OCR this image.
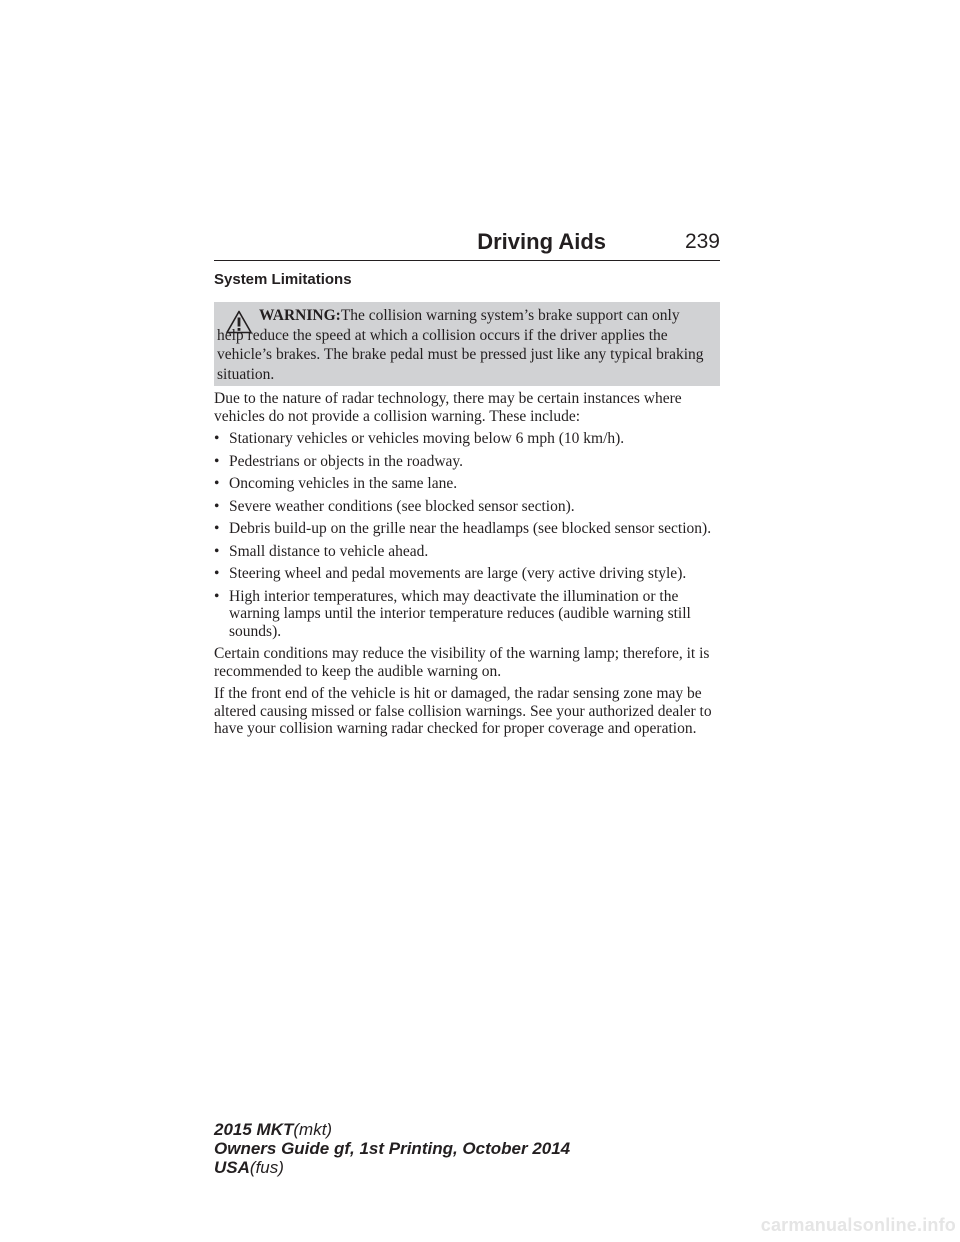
Driving Aids	239
System Limitations

WARNING:The collision warning system’s brake support can only help reduce the speed at which a collision occurs if the driver applies the vehicle’s brakes. The brake pedal must be pressed just like any typical braking situation.

Due to the nature of radar technology, there may be certain instances where vehicles do not provide a collision warning. These include:

• Stationary vehicles or vehicles moving below 6 mph (10 km/h).
• Pedestrians or objects in the roadway.
• Oncoming vehicles in the same lane.
• Severe weather conditions (see blocked sensor section).
• Debris build-up on the grille near the headlamps (see blocked sensor section).
• Small distance to vehicle ahead.
• Steering wheel and pedal movements are large (very active driving style).
• High interior temperatures, which may deactivate the illumination or the warning lamps until the interior temperature reduces (audible warning still sounds).

Certain conditions may reduce the visibility of the warning lamp; therefore, it is recommended to keep the audible warning on.

If the front end of the vehicle is hit or damaged, the radar sensing zone may be altered causing missed or false collision warnings. See your authorized dealer to have your collision warning radar checked for proper coverage and operation.

2015 MKT(mkt)
Owners Guide gf, 1st Printing, October 2014
USA(fus)
carmanualsonline.info
